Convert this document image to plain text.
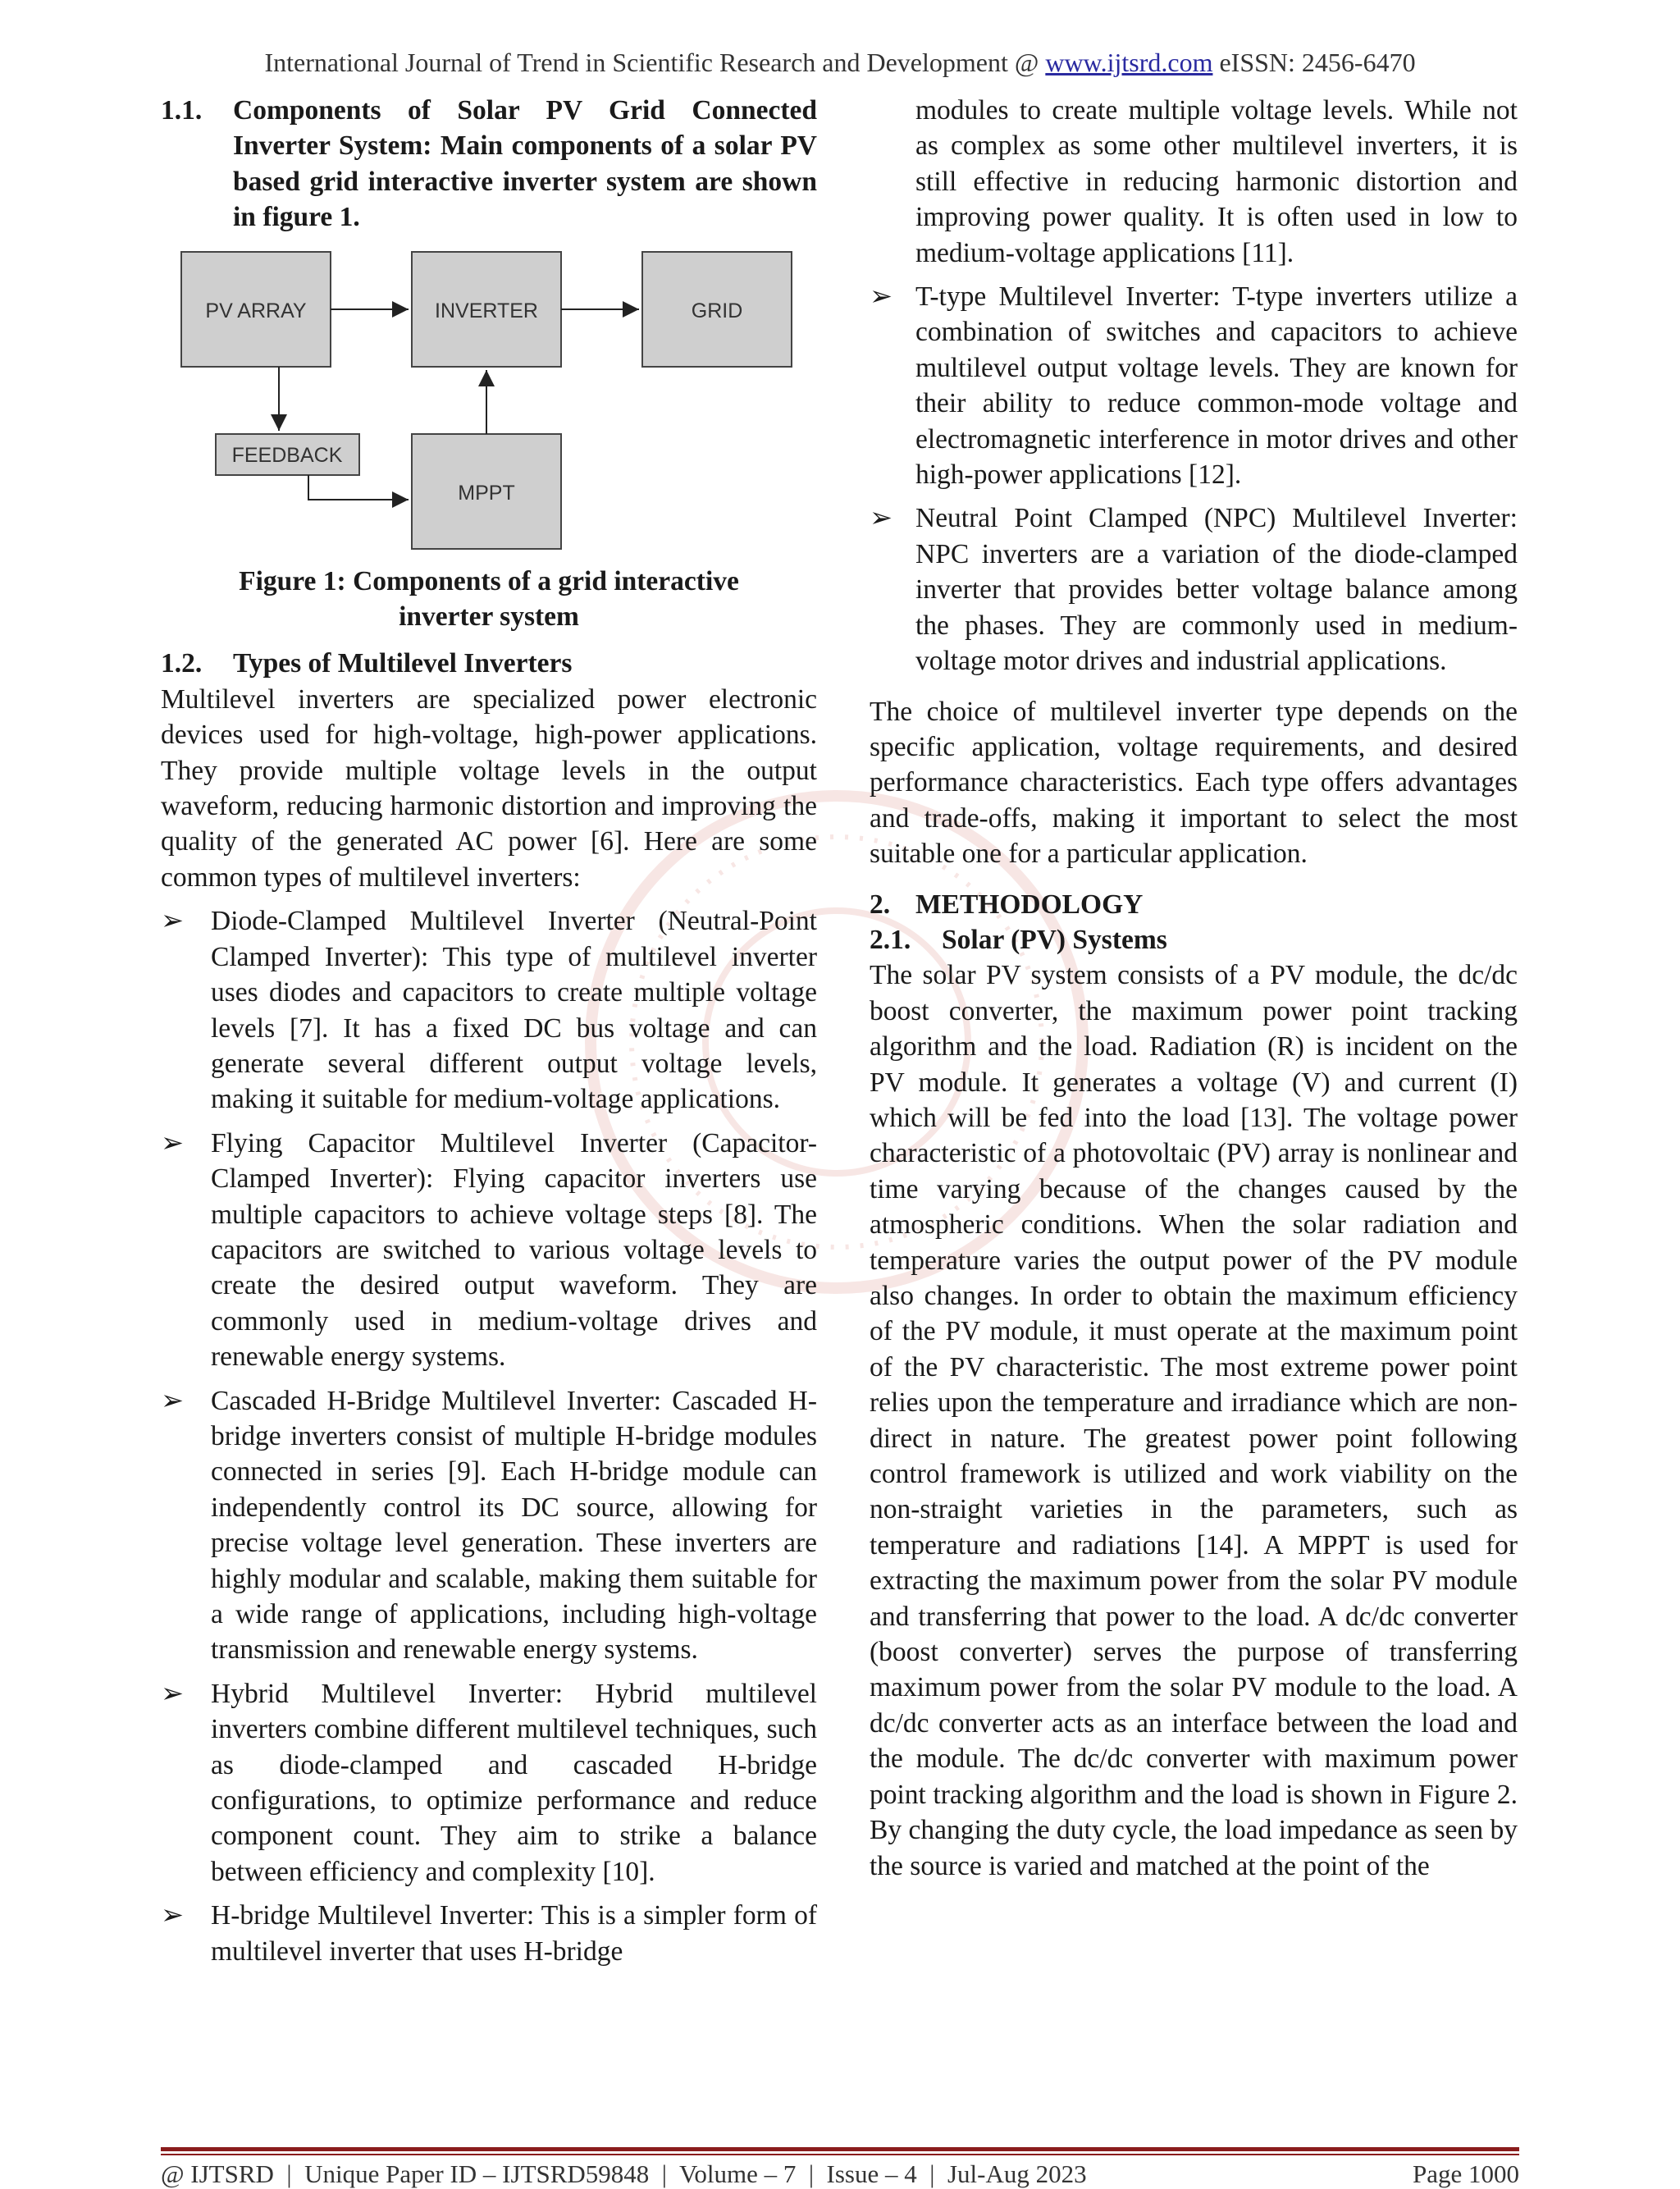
International Journal of Trend in Scientific Research and Development @ www.ijtsrd.com eISSN: 2456-6470
1.1. Components of Solar PV Grid Connected Inverter System: Main components of a solar PV based grid interactive inverter system are shown in figure 1.
PV ARRAY	INVERTER	GRID
FEEDBACK
MPPT
Figure 1: Components of a grid interactive inverter system
1.2. Types of Multilevel Inverters

Multilevel inverters are specialized power electronic devices used for high-voltage, high-power applications. They provide multiple voltage levels in the output waveform, reducing harmonic distortion and improving the quality of the generated AC power [6]. Here are some common types of multilevel inverters:

➢ Diode-Clamped Multilevel Inverter (Neutral-Point Clamped Inverter): This type of multilevel inverter uses diodes and capacitors to create multiple voltage levels [7]. It has a fixed DC bus voltage and can generate several different output voltage levels, making it suitable for medium-voltage applications.
➢ Flying Capacitor Multilevel Inverter (Capacitor-Clamped Inverter): Flying capacitor inverters use multiple capacitors to achieve voltage steps [8]. The capacitors are switched to various voltage levels to create the desired output waveform. They are commonly used in medium-voltage drives and renewable energy systems.
➢ Cascaded H-Bridge Multilevel Inverter: Cascaded H-bridge inverters consist of multiple H-bridge modules connected in series [9]. Each H-bridge module can independently control its DC source, allowing for precise voltage level generation. These inverters are highly modular and scalable, making them suitable for a wide range of applications, including high-voltage transmission and renewable energy systems.
➢ Hybrid Multilevel Inverter: Hybrid multilevel inverters combine different multilevel techniques, such as diode-clamped and cascaded H-bridge configurations, to optimize performance and reduce component count. They aim to strike a balance between efficiency and complexity [10].
➢ H-bridge Multilevel Inverter: This is a simpler form of multilevel inverter that uses H-bridge

modules to create multiple voltage levels. While not as complex as some other multilevel inverters, it is still effective in reducing harmonic distortion and improving power quality. It is often used in low to medium-voltage applications [11].

➢ T-type Multilevel Inverter: T-type inverters utilize a combination of switches and capacitors to achieve multilevel output voltage levels. They are known for their ability to reduce common-mode voltage and electromagnetic interference in motor drives and other high-power applications [12].
➢ Neutral Point Clamped (NPC) Multilevel Inverter: NPC inverters are a variation of the diode-clamped inverter that provides better voltage balance among the phases. They are commonly used in medium-voltage motor drives and industrial applications.

The choice of multilevel inverter type depends on the specific application, voltage requirements, and desired performance characteristics. Each type offers advantages and trade-offs, making it important to select the most suitable one for a particular application.

2. METHODOLOGY
2.1. Solar (PV) Systems

The solar PV system consists of a PV module, the dc/dc boost converter, the maximum power point tracking algorithm and the load. Radiation (R) is incident on the PV module. It generates a voltage (V) and current (I) which will be fed into the load [13]. The voltage power characteristic of a photovoltaic (PV) array is nonlinear and time varying because of the changes caused by the atmospheric conditions. When the solar radiation and temperature varies the output power of the PV module also changes. In order to obtain the maximum efficiency of the PV module, it must operate at the maximum point of the PV characteristic. The most extreme power point relies upon the temperature and irradiance which are non-direct in nature. The greatest power point following control framework is utilized and work viability on the non-straight varieties in the parameters, such as temperature and radiations [14]. A MPPT is used for extracting the maximum power from the solar PV module and transferring that power to the load. A dc/dc converter (boost converter) serves the purpose of transferring maximum power from the solar PV module to the load. A dc/dc converter acts as an interface between the load and the module. The dc/dc converter with maximum power point tracking algorithm and the load is shown in Figure 2. By changing the duty cycle, the load impedance as seen by the source is varied and matched at the point of the

@ IJTSRD  |  Unique Paper ID – IJTSRD59848  |  Volume – 7  |  Issue – 4  |  Jul-Aug 2023	Page 1000
